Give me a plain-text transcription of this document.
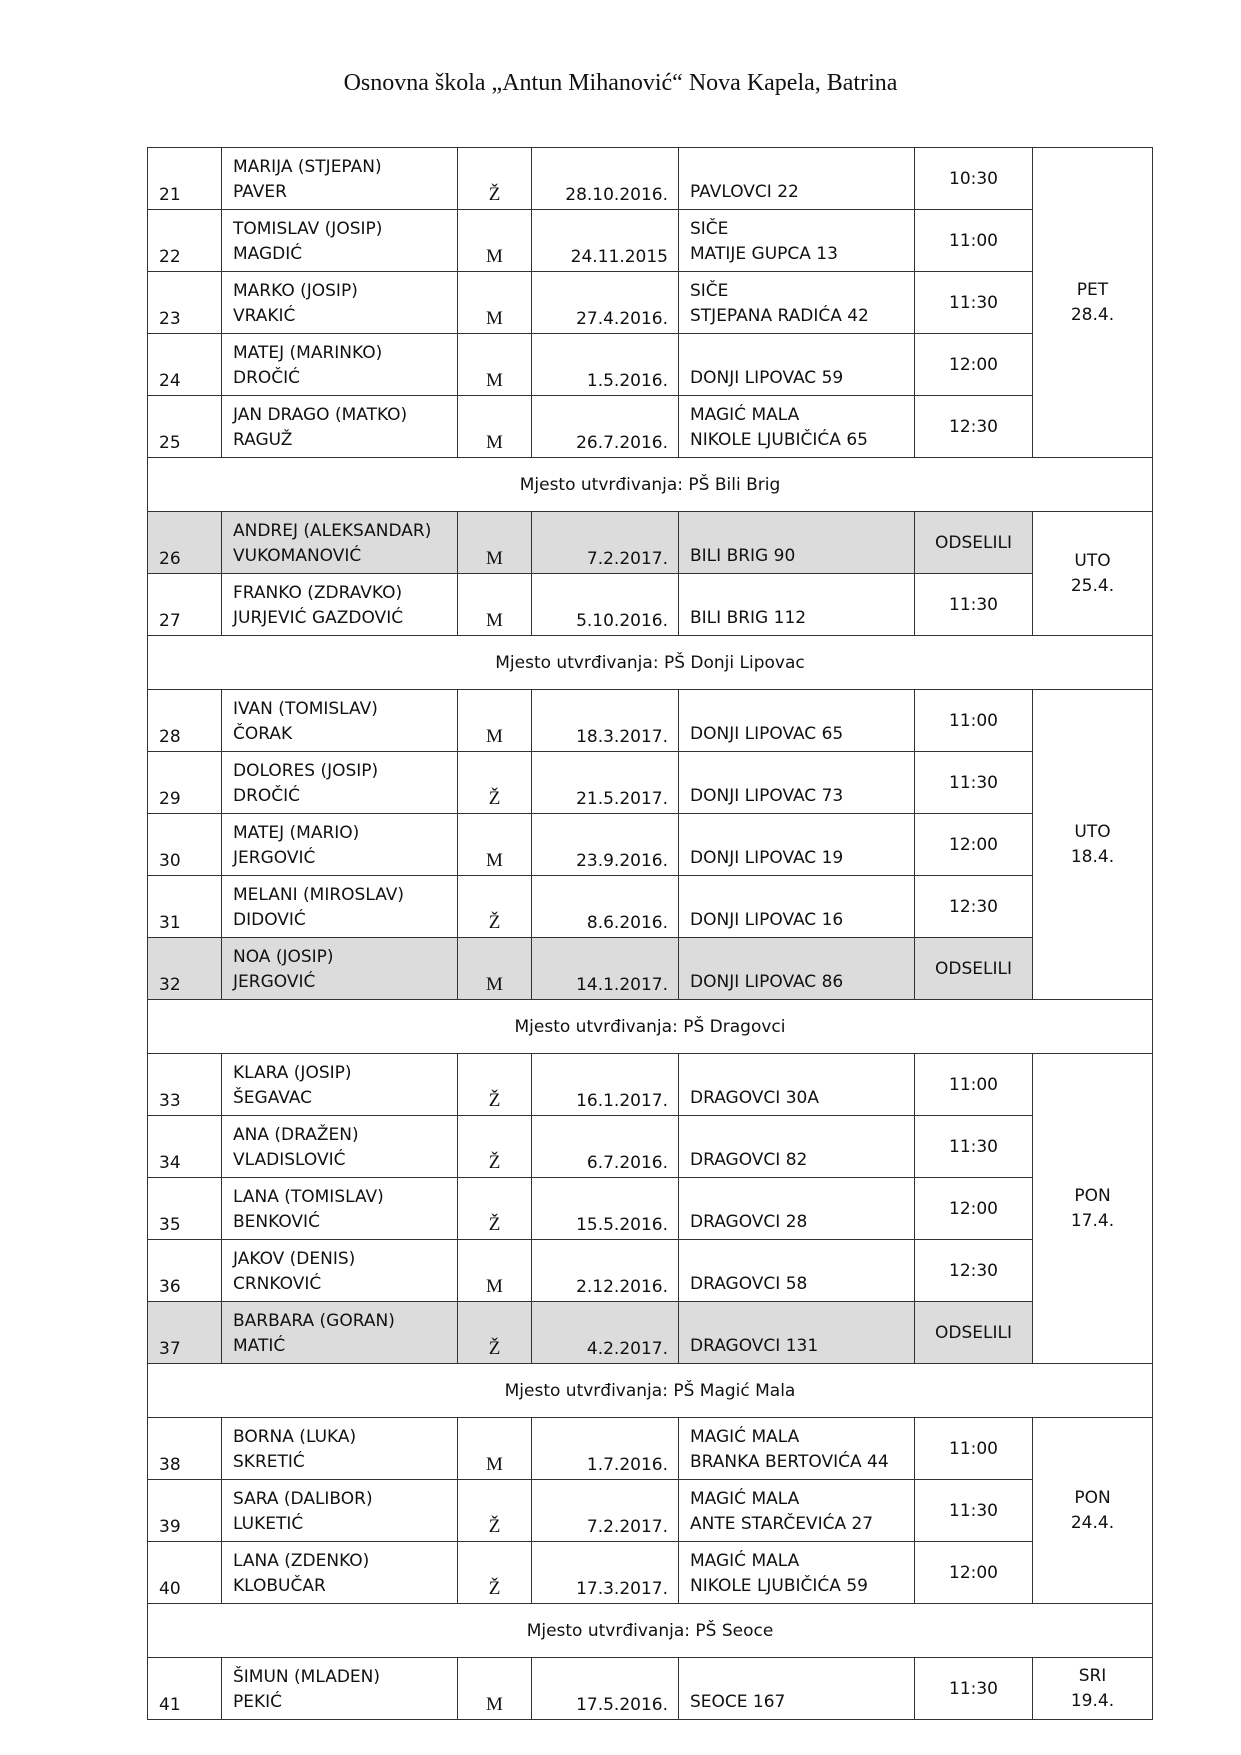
Osnovna škola „Antun Mihanović“ Nova Kapela, Batrina
21	MARIJA (STJEPAN)
PAVER	Ž	28.10.2016.	PAVLOVCI 22	10:30	PET
28.4.

22	TOMISLAV (JOSIP)
MAGDIĆ	M	24.11.2015	SIČE
MATIJE GUPCA 13	11:00	
23	MARKO (JOSIP)
VRAKIĆ	M	27.4.2016.	SIČE
STJEPANA RADIĆA 42	11:30	
24	MATEJ (MARINKO)
DROČIĆ	M	1.5.2016.	DONJI LIPOVAC 59	12:00	
25	JAN DRAGO (MATKO)
RAGUŽ	M	26.7.2016.	MAGIĆ MALA
NIKOLE LJUBIČIĆA 65	12:30	
Mjesto utvrđivanja: PŠ Bili Brig						
26	ANDREJ (ALEKSANDAR)
VUKOMANOVIĆ	M	7.2.2017.	BILI BRIG 90	ODSELILI	UTO
25.4.

27	FRANKO (ZDRAVKO)
JURJEVIĆ GAZDOVIĆ	M	5.10.2016.	BILI BRIG 112	11:30	
Mjesto utvrđivanja: PŠ Donji Lipovac						
28	IVAN (TOMISLAV)
ČORAK	M	18.3.2017.	DONJI LIPOVAC 65	11:00	UTO
18.4.

29	DOLORES (JOSIP)
DROČIĆ	Ž	21.5.2017.	DONJI LIPOVAC 73	11:30	
30	MATEJ (MARIO)
JERGOVIĆ	M	23.9.2016.	DONJI LIPOVAC 19	12:00	
31	MELANI (MIROSLAV)
DIDOVIĆ	Ž	8.6.2016.	DONJI LIPOVAC 16	12:30	
32	NOA (JOSIP)
JERGOVIĆ	M	14.1.2017.	DONJI LIPOVAC 86	ODSELILI	
Mjesto utvrđivanja: PŠ Dragovci						
33	KLARA (JOSIP)
ŠEGAVAC	Ž	16.1.2017.	DRAGOVCI 30A	11:00	PON
17.4.

34	ANA (DRAŽEN)
VLADISLOVIĆ	Ž	6.7.2016.	DRAGOVCI 82	11:30	
35	LANA (TOMISLAV)
BENKOVIĆ	Ž	15.5.2016.	DRAGOVCI 28	12:00	
36	JAKOV (DENIS)
CRNKOVIĆ	M	2.12.2016.	DRAGOVCI 58	12:30	
37	BARBARA (GORAN)
MATIĆ	Ž	4.2.2017.	DRAGOVCI 131	ODSELILI	
Mjesto utvrđivanja: PŠ Magić Mala						
38	BORNA (LUKA)
SKRETIĆ	M	1.7.2016.	MAGIĆ MALA
BRANKA BERTOVIĆA 44	11:00	PON
24.4.

39	SARA (DALIBOR)
LUKETIĆ	Ž	7.2.2017.	MAGIĆ MALA
ANTE STARČEVIĆA 27	11:30	
40	LANA (ZDENKO)
KLOBUČAR	Ž	17.3.2017.	MAGIĆ MALA
NIKOLE LJUBIČIĆA 59	12:00	
Mjesto utvrđivanja: PŠ Seoce						
41	ŠIMUN (MLADEN)
PEKIĆ	M	17.5.2016.	SEOCE 167	11:30	SRI
19.4.
